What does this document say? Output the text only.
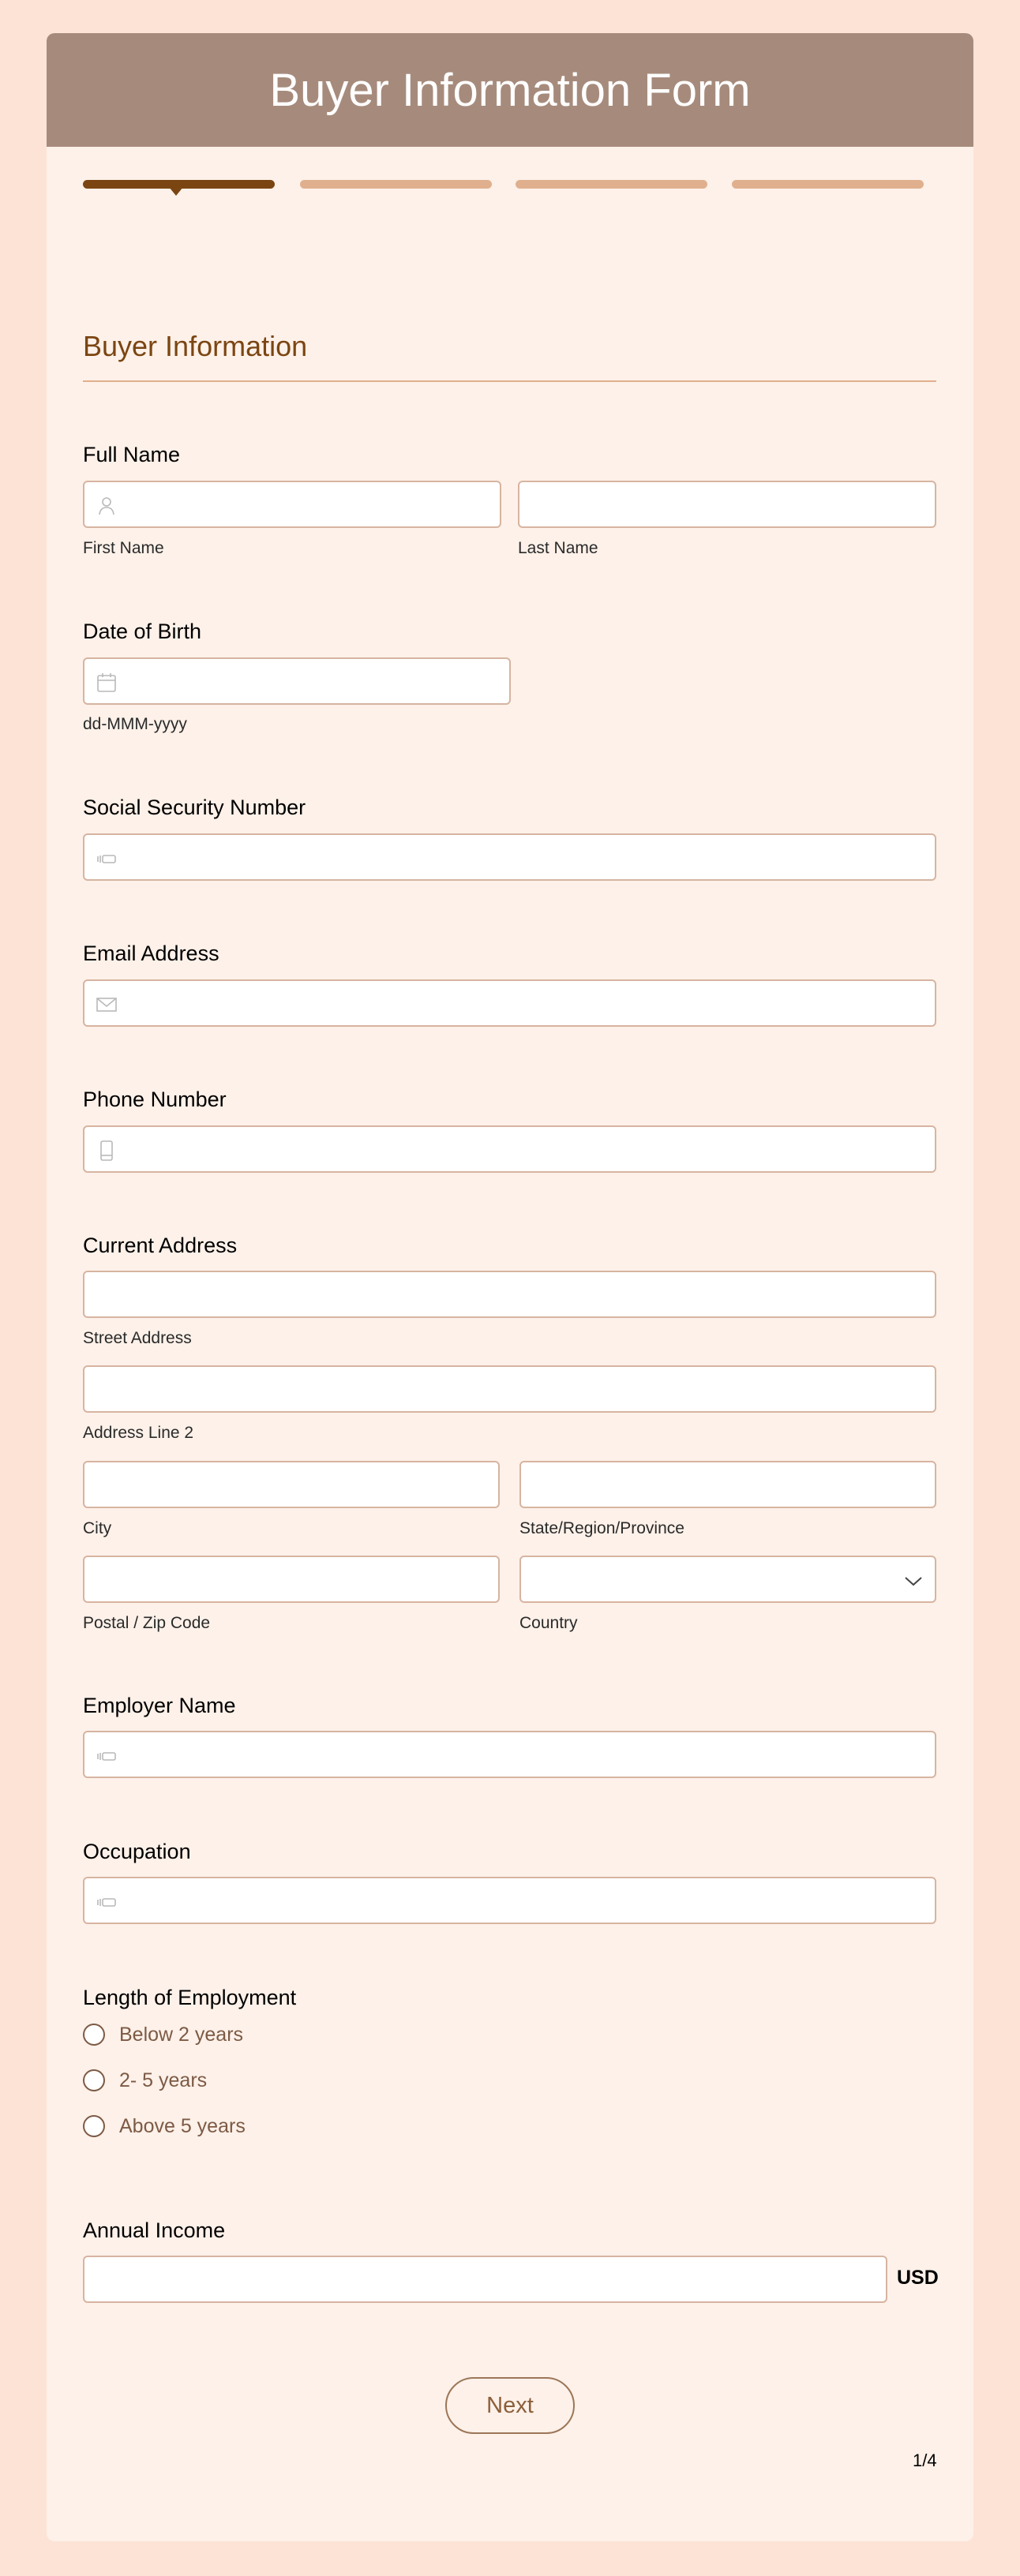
Buyer Information Form
Buyer Information
Full Name
First Name	Last Name
Date of Birth
dd-MMM-yyyy
Social Security Number
Email Address
Phone Number
Current Address
Street Address
Address Line 2
City	State/Region/Province
Postal / Zip Code	Country
Employer Name
Occupation
Length of Employment
Below 2 years
2- 5 years
Above 5 years
Annual Income
USD
Next
1/4
